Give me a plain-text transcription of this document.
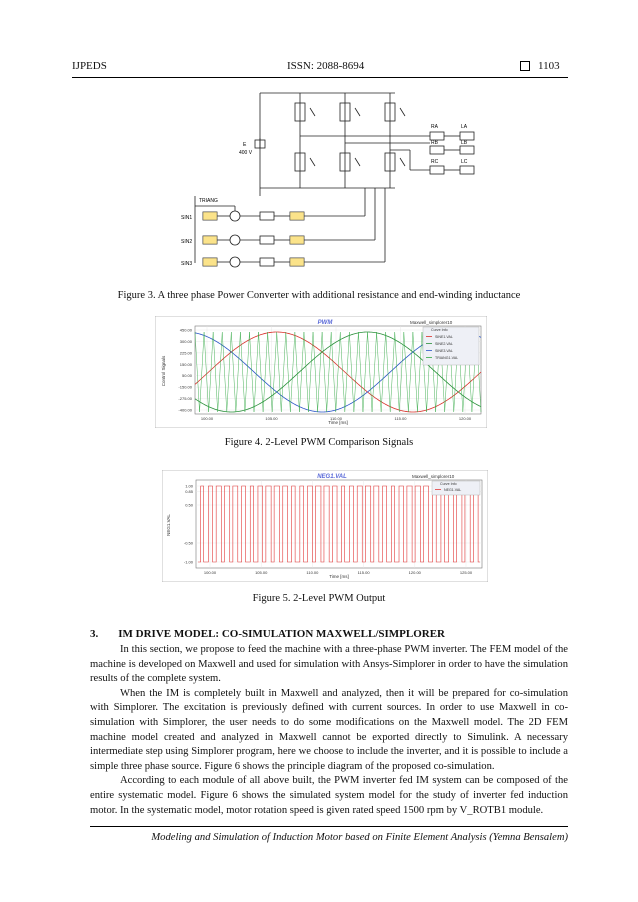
IJPEDS	ISSN: 2088-8694	1103
E
400 V
TRIANG
SIN1
SIN2
SIN3
RA	LA
RB	LB
RC	LC
Figure 3. A three phase Power Converter with additional resistance and end-winding inductance
450.00
300.00
225.00
150.00
50.00
-150.00
-275.00
-400.00
100.00	105.00	110.00	115.00	120.00
PWM	Maxwell_simplorer10
Control Signals
Time [ms]
Curve Info
SINE1.VAL
SINE2.VAL
SINE3.VAL
TRIANG1.VAL
Figure 4. 2-Level PWM Comparison Signals
1.00
0.85
0.50
-0.50
-1.00
100.00	105.00	110.00	115.00	120.00	125.00
NEG1.VAL	Maxwell_simplorer10
NEG1.VAL
Time [ms]
Curve Info
NEG1.VAL
Figure 5. 2-Level PWM Output
3. IM DRIVE MODEL: CO-SIMULATION MAXWELL/SIMPLORER

In this section, we propose to feed the machine with a three-phase PWM inverter. The FEM model of the machine is developed on Maxwell and used for simulation with Ansys-Simplorer in order to have the simulation results of the complete system.

When the IM is completely built in Maxwell and analyzed, then it will be prepared for co-simulation with Simplorer. The excitation is previously defined with current sources. In order to use Maxwell in co-simulation with Simplorer, the user needs to do some modifications on the Maxwell model. The 2D FEM machine model created and analyzed in Maxwell cannot be exported directly to Simulink. A necessary intermediate step using Simplorer program, here we choose to include the inverter, and it is possible to include a simple three phase source. Figure 6 shows the principle diagram of the proposed co-simulation.

According to each module of all above built, the PWM inverter fed IM system can be composed of the entire systematic model. Figure 6 shows the simulated system model for the study of inverter fed induction motor. In the systematic model, motor rotation speed is given rated speed 1500 rpm by V_ROTB1 module.

Modeling and Simulation of Induction Motor based on Finite Element Analysis (Yemna Bensalem)
